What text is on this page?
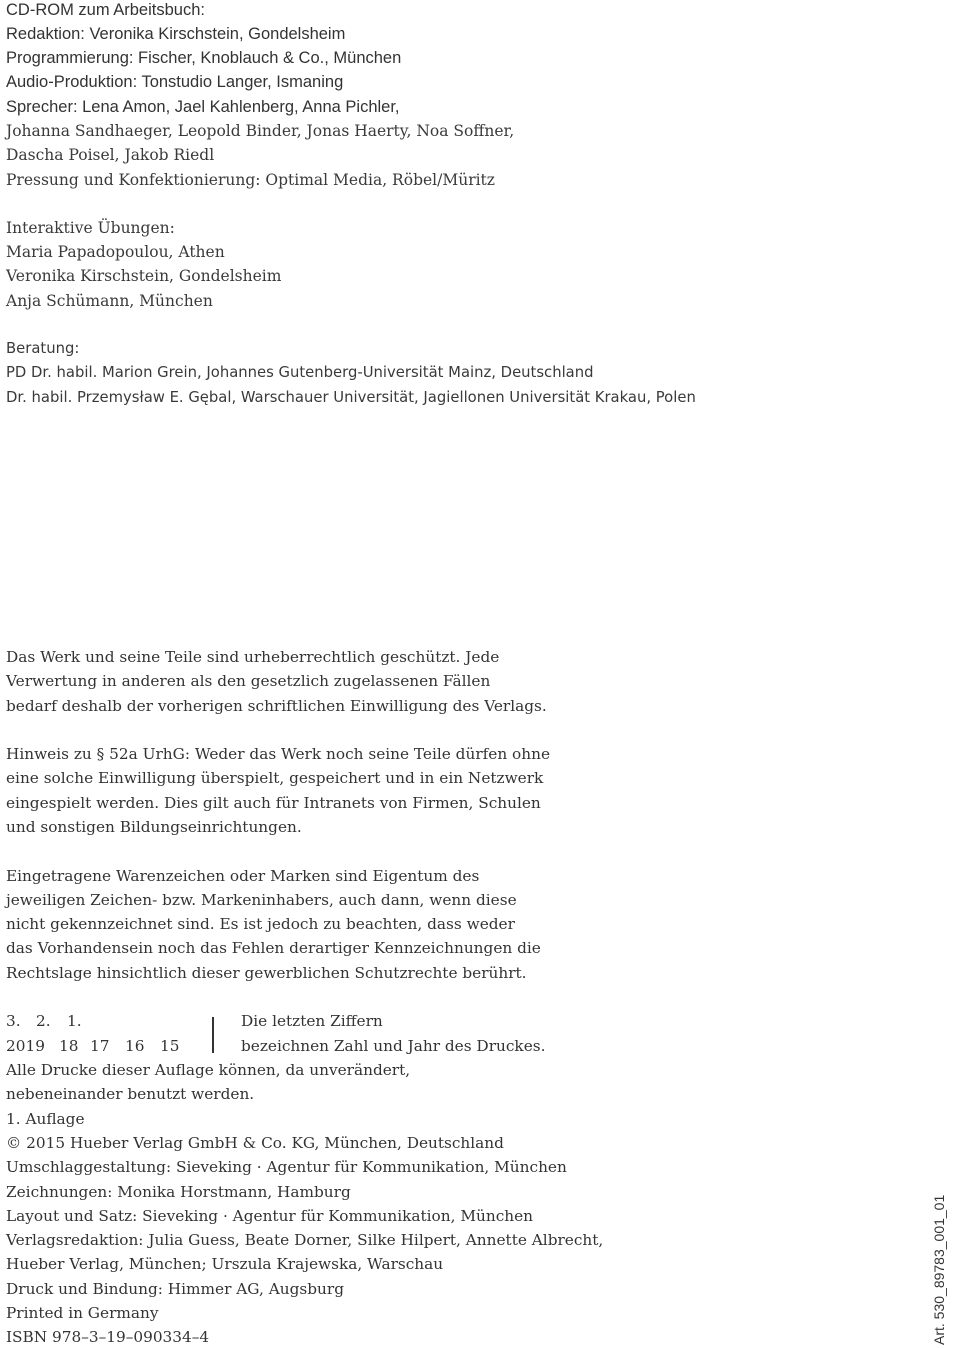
CD-ROM zum Arbeitsbuch:
Redaktion: Veronika Kirschstein, Gondelsheim
Programmierung: Fischer, Knoblauch & Co., München
Audio-Produktion: Tonstudio Langer, Ismaning
Sprecher: Lena Amon, Jael Kahlenberg, Anna Pichler,
Johanna Sandhaeger, Leopold Binder, Jonas Haerty, Noa Soffner,
Dascha Poisel, Jakob Riedl
Pressung und Konfektionierung: Optimal Media, Röbel/Müritz
Interaktive Übungen:
Maria Papadopoulou, Athen
Veronika Kirschstein, Gondelsheim
Anja Schümann, München
Beratung:
PD Dr. habil. Marion Grein, Johannes Gutenberg-Universität Mainz, Deutschland
Dr. habil. Przemysław E. Gębal, Warschauer Universität, Jagiellonen Universität Krakau, Polen
Das Werk und seine Teile sind urheberrechtlich geschützt. Jede
Verwertung in anderen als den gesetzlich zugelassenen Fällen
bedarf deshalb der vorherigen schriftlichen Einwilligung des Verlags.
Hinweis zu § 52a UrhG: Weder das Werk noch seine Teile dürfen ohne
eine solche Einwilligung überspielt, gespeichert und in ein Netzwerk
eingespielt werden. Dies gilt auch für Intranets von Firmen, Schulen
und sonstigen Bildungseinrichtungen.
Eingetragene Warenzeichen oder Marken sind Eigentum des
jeweiligen Zeichen- bzw. Markeninhabers, auch dann, wenn diese
nicht gekennzeichnet sind. Es ist jedoch zu beachten, dass weder
das Vorhandensein noch das Fehlen derartiger Kennzeichnungen die
Rechtslage hinsichtlich dieser gewerblichen Schutzrechte berührt.
3. 2. 1.
2019 18 17 16 15
Die letzten Ziffern
bezeichnen Zahl und Jahr des Druckes.
Alle Drucke dieser Auflage können, da unverändert,
nebeneinander benutzt werden.
1. Auflage
© 2015 Hueber Verlag GmbH & Co. KG, München, Deutschland
Umschlaggestaltung: Sieveking · Agentur für Kommunikation, München
Zeichnungen: Monika Horstmann, Hamburg
Layout und Satz: Sieveking · Agentur für Kommunikation, München
Verlagsredaktion: Julia Guess, Beate Dorner, Silke Hilpert, Annette Albrecht,
Hueber Verlag, München; Urszula Krajewska, Warschau
Druck und Bindung: Himmer AG, Augsburg
Printed in Germany
ISBN 978–3–19–090334–4	Art. 530_89783_001_01
